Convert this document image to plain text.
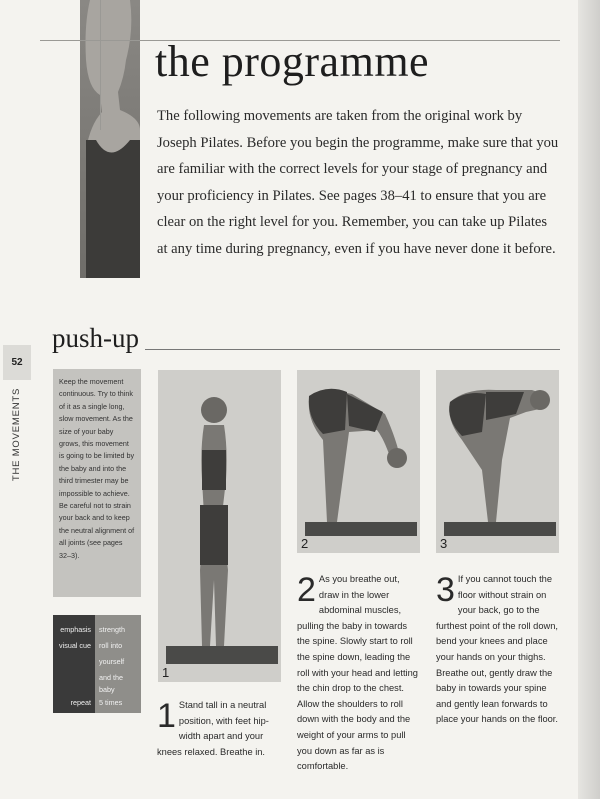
the programme
The following movements are taken from the original work by Joseph Pilates. Before you begin the programme, make sure that you are familiar with the correct levels for your stage of pregnancy and your proficiency in Pilates. See pages 38–41 to ensure that you are clear on the right level for you. Remember, you can take up Pilates at any time during pregnancy, even if you have never done it before.
52
THE MOVEMENTS
push-up
Keep the movement continuous. Try to think of it as a single long, slow movement. As the size of your baby grows, this movement is going to be limited by the baby and into the third trimester may be impossible to achieve. Be careful not to strain your back and to keep the neutral alignment of all joints (see pages 32–3).
emphasis
visual cue
repeat
strength
roll into
yourself
and the
baby
5 times
1
2	3
1 Stand tall in a neutral position, with feet hip-width apart and your knees relaxed. Breathe in.
2 As you breathe out, draw in the lower abdominal muscles, pulling the baby in towards the spine. Slowly start to roll the spine down, leading the roll with your head and letting the chin drop to the chest. Allow the shoulders to roll down with the body and the weight of your arms to pull you down as far as is comfortable.
3 If you cannot touch the floor without strain on your back, go to the furthest point of the roll down, bend your knees and place your hands on your thighs. Breathe out, gently draw the baby in towards your spine and gently lean forwards to place your hands on the floor.
